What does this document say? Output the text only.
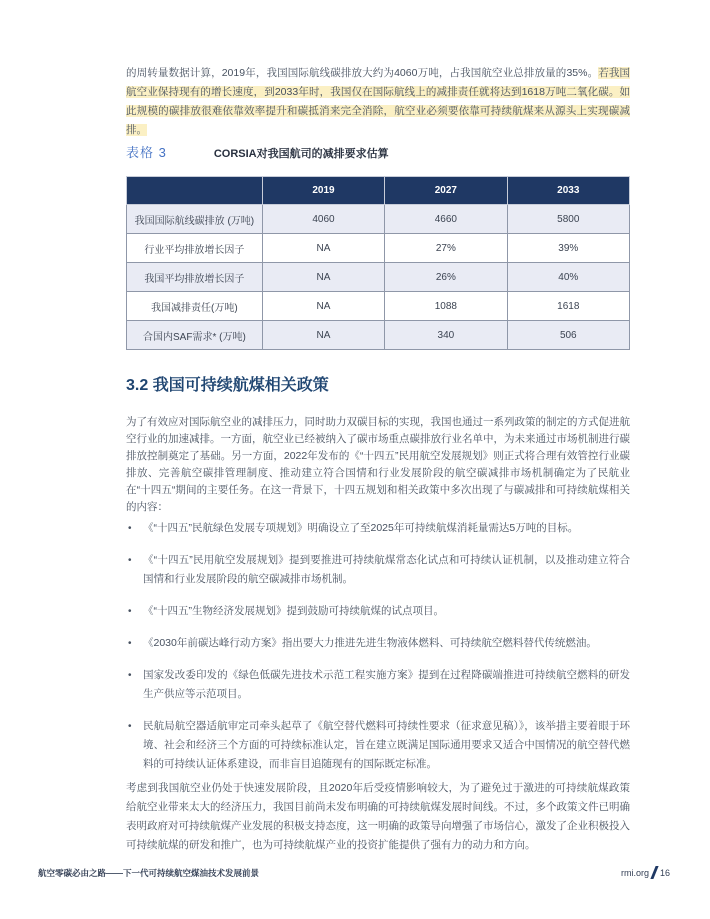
的周转量数据计算，2019年，我国国际航线碳排放大约为4060万吨，占我国航空业总排放量的35%。若我国航空业保持现有的增长速度，到2033年时，我国仅在国际航线上的减排责任就将达到1618万吨二氧化碳。如此规模的碳排放很难依靠效率提升和碳抵消来完全消除，航空业必须要依靠可持续航煤来从源头上实现碳减排。

表格 3	CORSIA对我国航司的减排要求估算
	2019	2027	2033
我国国际航线碳排放 (万吨)	4060	4660	5800
行业平均排放增长因子	NA	27%	39%
我国平均排放增长因子	NA	26%	40%
我国减排责任(万吨)	NA	1088	1618
合国内SAF需求* (万吨)	NA	340	506
3.2 我国可持续航煤相关政策

为了有效应对国际航空业的减排压力，同时助力双碳目标的实现，我国也通过一系列政策的制定的方式促进航空行业的加速减排。一方面，航空业已经被纳入了碳市场重点碳排放行业名单中，为未来通过市场机制进行碳排放控制奠定了基础。另一方面，2022年发布的《“十四五”民用航空发展规划》则正式将合理有效管控行业碳排放、完善航空碳排管理制度、推动建立符合国情和行业发展阶段的航空碳减排市场机制确定为了民航业在“十四五“期间的主要任务。在这一背景下，十四五规划和相关政策中多次出现了与碳减排和可持续航煤相关的内容：

• 《“十四五”民航绿色发展专项规划》明确设立了至2025年可持续航煤消耗量需达5万吨的目标。
• 《“十四五”民用航空发展规划》提到要推进可持续航煤常态化试点和可持续认证机制，以及推动建立符合国情和行业发展阶段的航空碳减排市场机制。
• 《“十四五”生物经济发展规划》提到鼓励可持续航煤的试点项目。
• 《2030年前碳达峰行动方案》指出要大力推进先进生物液体燃料、可持续航空燃料替代传统燃油。
• 国家发改委印发的《绿色低碳先进技术示范工程实施方案》提到在过程降碳端推进可持续航空燃料的研发生产供应等示范项目。
• 民航局航空器适航审定司牵头起草了《航空替代燃料可持续性要求（征求意见稿）》，该举措主要着眼于环境、社会和经济三个方面的可持续标准认定，旨在建立既满足国际通用要求又适合中国情况的航空替代燃料的可持续认证体系建设，而非盲目追随现有的国际既定标准。

考虑到我国航空业仍处于快速发展阶段，且2020年后受疫情影响较大，为了避免过于激进的可持续航煤政策给航空业带来太大的经济压力，我国目前尚未发布明确的可持续航煤发展时间线。不过，多个政策文件已明确表明政府对可持续航煤产业发展的积极支持态度，这一明确的政策导向增强了市场信心，激发了企业积极投入可持续航煤的研发和推广，也为可持续航煤产业的投资扩能提供了强有力的动力和方向。

航空零碳必由之路——下一代可持续航空煤油技术发展前景	rmi.org 16
